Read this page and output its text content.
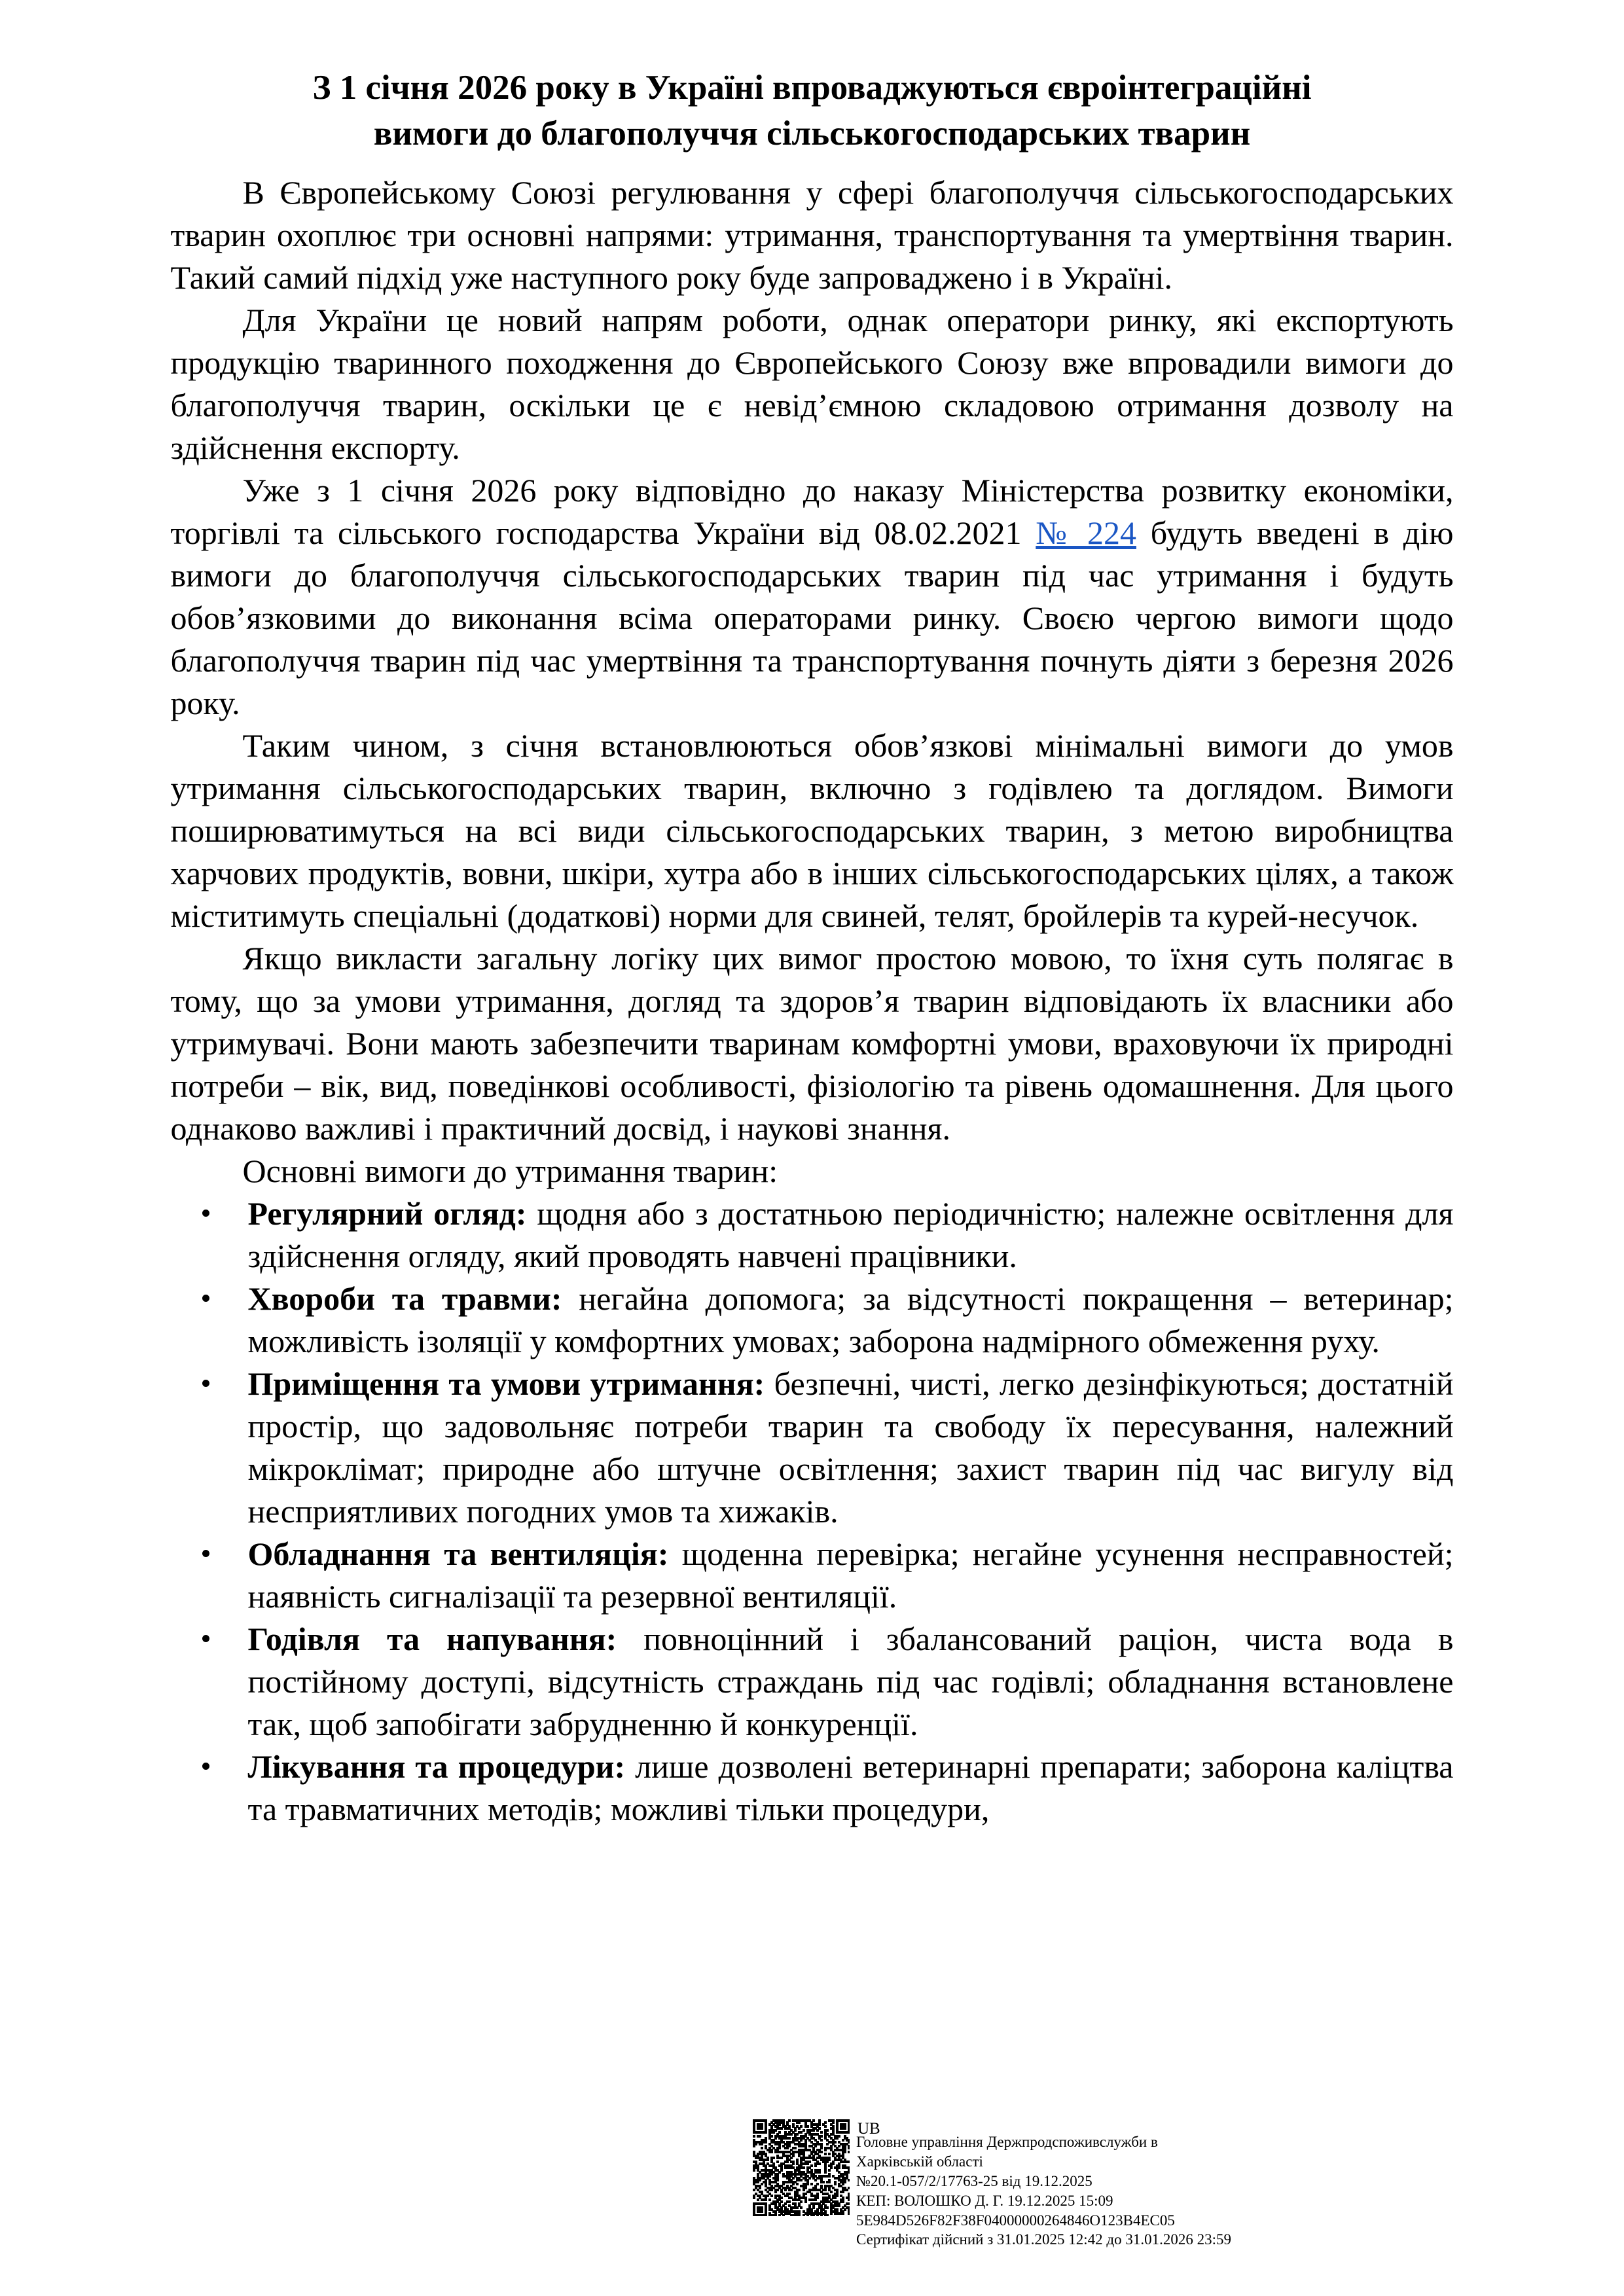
З 1 січня 2026 року в Україні впроваджуються євроінтеграційні
вимоги до благополуччя сільськогосподарських тварин

В Європейському Союзі регулювання у сфері благополуччя сільськогосподарських тварин охоплює три основні напрями: утримання, транспортування та умертвіння тварин. Такий самий підхід уже наступного року буде запроваджено і в Україні.

Для України це новий напрям роботи, однак оператори ринку, які експортують продукцію тваринного походження до Європейського Союзу вже впровадили вимоги до благополуччя тварин, оскільки це є невід’ємною складовою отримання дозволу на здійснення експорту.

Уже з 1 січня 2026 року відповідно до наказу Міністерства розвитку економіки, торгівлі та сільського господарства України від 08.02.2021 № 224 будуть введені в дію вимоги до благополуччя сільськогосподарських тварин під час утримання і будуть обов’язковими до виконання всіма операторами ринку. Своєю чергою вимоги щодо благополуччя тварин під час умертвіння та транспортування почнуть діяти з березня 2026 року.

Таким чином, з січня встановлюються обов’язкові мінімальні вимоги до умов утримання сільськогосподарських тварин, включно з годівлею та доглядом. Вимоги поширюватимуться на всі види сільськогосподарських тварин, з метою виробництва харчових продуктів, вовни, шкіри, хутра або в інших сільськогосподарських цілях, а також міститимуть спеціальні (додаткові) норми для свиней, телят, бройлерів та курей-несучок.

Якщо викласти загальну логіку цих вимог простою мовою, то їхня суть полягає в тому, що за умови утримання, догляд та здоров’я тварин відповідають їх власники або утримувачі. Вони мають забезпечити тваринам комфортні умови, враховуючи їх природні потреби – вік, вид, поведінкові особливості, фізіологію та рівень одомашнення. Для цього однаково важливі і практичний досвід, і наукові знання.

Основні вимоги до утримання тварин:

Регулярний огляд: щодня або з достатньою періодичністю; належне освітлення для здійснення огляду, який проводять навчені працівники.
Хвороби та травми: негайна допомога; за відсутності покращення – ветеринар; можливість ізоляції у комфортних умовах; заборона надмірного обмеження руху.
Приміщення та умови утримання: безпечні, чисті, легко дезінфікуються; достатній простір, що задовольняє потреби тварин та свободу їх пересування, належний мікроклімат; природне або штучне освітлення; захист тварин під час вигулу від несприятливих погодних умов та хижаків.
Обладнання та вентиляція: щоденна перевірка; негайне усунення несправностей; наявність сигналізації та резервної вентиляції.
Годівля та напування: повноцінний і збалансований раціон, чиста вода в постійному доступі, відсутність страждань під час годівлі; обладнання встановлене так, щоб запобігати забрудненню й конкуренції.
Лікування та процедури: лише дозволені ветеринарні препарати; заборона каліцтва та травматичних методів; можливі тільки процедури,
UB
Головне управління Держпродспоживслужби в
Харківській області
№20.1-057/2/17763-25 від 19.12.2025
КЕП: ВОЛОШКО Д. Г. 19.12.2025 15:09
5E984D526F82F38F04000000264846О123B4EC05
Сертифікат дійсний з 31.01.2025 12:42 до 31.01.2026 23:59
